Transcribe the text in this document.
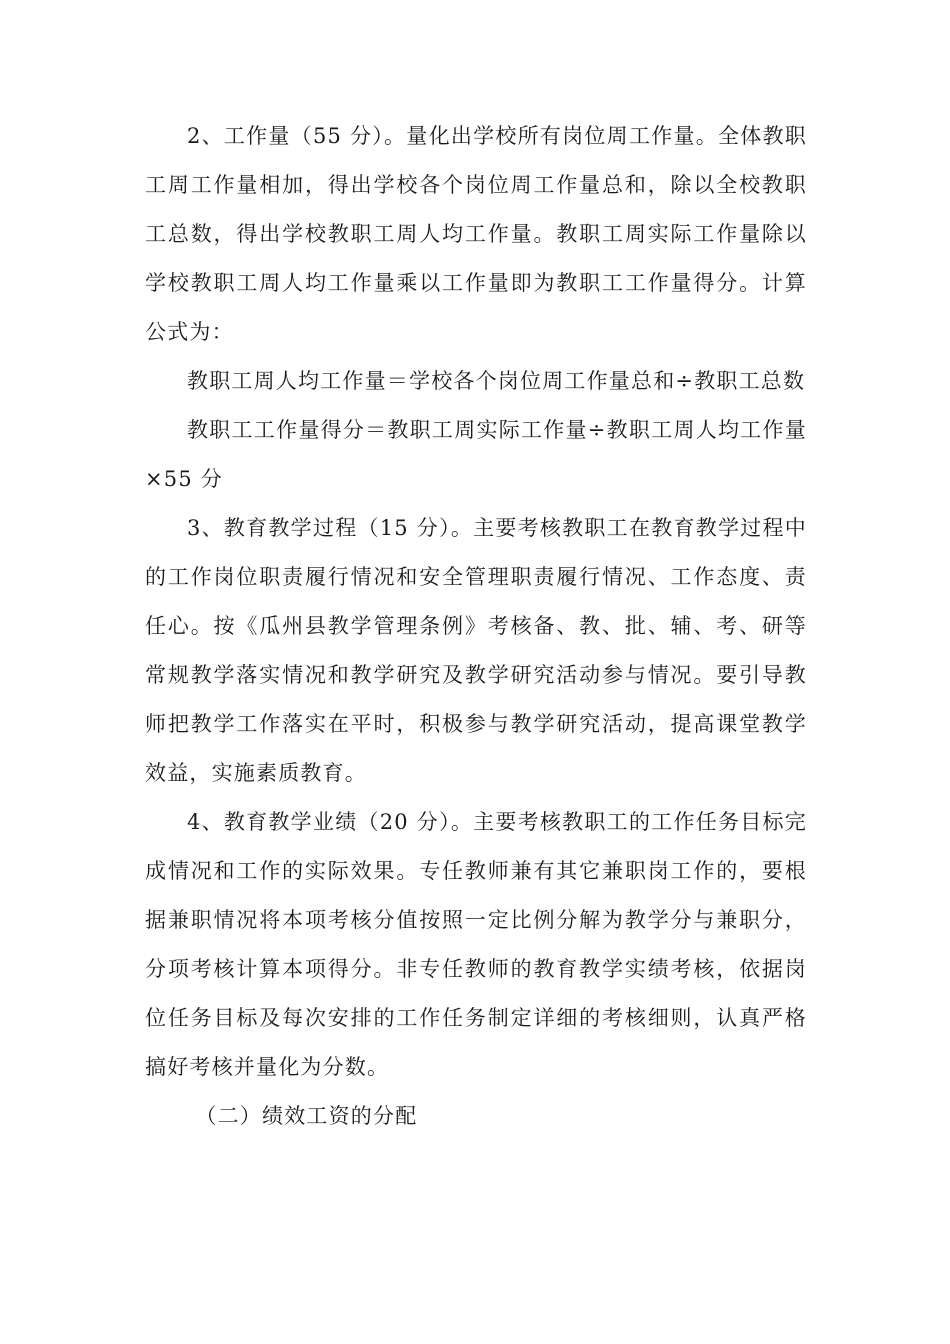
2、工作量（55 分）。量化出学校所有岗位周工作量。全体教职工周工作量相加，得出学校各个岗位周工作量总和，除以全校教职工总数，得出学校教职工周人均工作量。教职工周实际工作量除以学校教职工周人均工作量乘以工作量即为教职工工作量得分。计算公式为：

教职工周人均工作量＝学校各个岗位周工作量总和÷教职工总数

教职工工作量得分＝教职工周实际工作量÷教职工周人均工作量×55 分

3、教育教学过程（15 分）。主要考核教职工在教育教学过程中的工作岗位职责履行情况和安全管理职责履行情况、工作态度、责任心。按《瓜州县教学管理条例》考核备、教、批、辅、考、研等常规教学落实情况和教学研究及教学研究活动参与情况。要引导教师把教学工作落实在平时，积极参与教学研究活动，提高课堂教学效益，实施素质教育。

4、教育教学业绩（20 分）。主要考核教职工的工作任务目标完成情况和工作的实际效果。专任教师兼有其它兼职岗工作的，要根据兼职情况将本项考核分值按照一定比例分解为教学分与兼职分，分项考核计算本项得分。非专任教师的教育教学实绩考核，依据岗位任务目标及每次安排的工作任务制定详细的考核细则，认真严格搞好考核并量化为分数。

（二）绩效工资的分配
